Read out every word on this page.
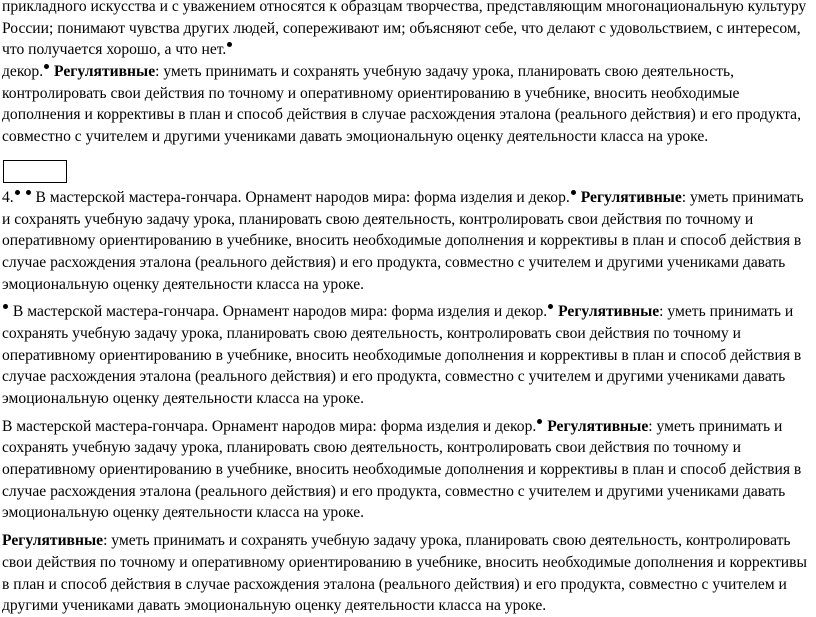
прикладного искусства и с уважением относятся к образцам творчества, представляющим многонациональную культуру
России; понимают чувства других людей, сопереживают им; объясняют себе, что делают с удовольствием, с интересом,
что получается хорошо, а что нет.
декор. Регулятивные: уметь принимать и сохранять учебную задачу урока, планировать свою деятельность,
контролировать свои действия по точному и оперативному ориентированию в учебнике, вносить необходимые
дополнения и коррективы в план и способ действия в случае расхождения эталона (реального действия) и его продукта,
совместно с учителем и другими учениками давать эмоциональную оценку деятельности класса на уроке.
4.  В мастерской мастера-гончара. Орнамент народов мира: форма изделия и декор. Регулятивные: уметь принимать
и сохранять учебную задачу урока, планировать свою деятельность, контролировать свои действия по точному и
оперативному ориентированию в учебнике, вносить необходимые дополнения и коррективы в план и способ действия в
случае расхождения эталона (реального действия) и его продукта, совместно с учителем и другими учениками давать
эмоциональную оценку деятельности класса на уроке.
В мастерской мастера-гончара. Орнамент народов мира: форма изделия и декор. Регулятивные: уметь принимать и
сохранять учебную задачу урока, планировать свою деятельность, контролировать свои действия по точному и
оперативному ориентированию в учебнике, вносить необходимые дополнения и коррективы в план и способ действия в
случае расхождения эталона (реального действия) и его продукта, совместно с учителем и другими учениками давать
эмоциональную оценку деятельности класса на уроке.
В мастерской мастера-гончара. Орнамент народов мира: форма изделия и декор. Регулятивные: уметь принимать и
сохранять учебную задачу урока, планировать свою деятельность, контролировать свои действия по точному и
оперативному ориентированию в учебнике, вносить необходимые дополнения и коррективы в план и способ действия в
случае расхождения эталона (реального действия) и его продукта, совместно с учителем и другими учениками давать
эмоциональную оценку деятельности класса на уроке.
Регулятивные: уметь принимать и сохранять учебную задачу урока, планировать свою деятельность, контролировать
свои действия по точному и оперативному ориентированию в учебнике, вносить необходимые дополнения и коррективы
в план и способ действия в случае расхождения эталона (реального действия) и его продукта, совместно с учителем и
другими учениками давать эмоциональную оценку деятельности класса на уроке.
